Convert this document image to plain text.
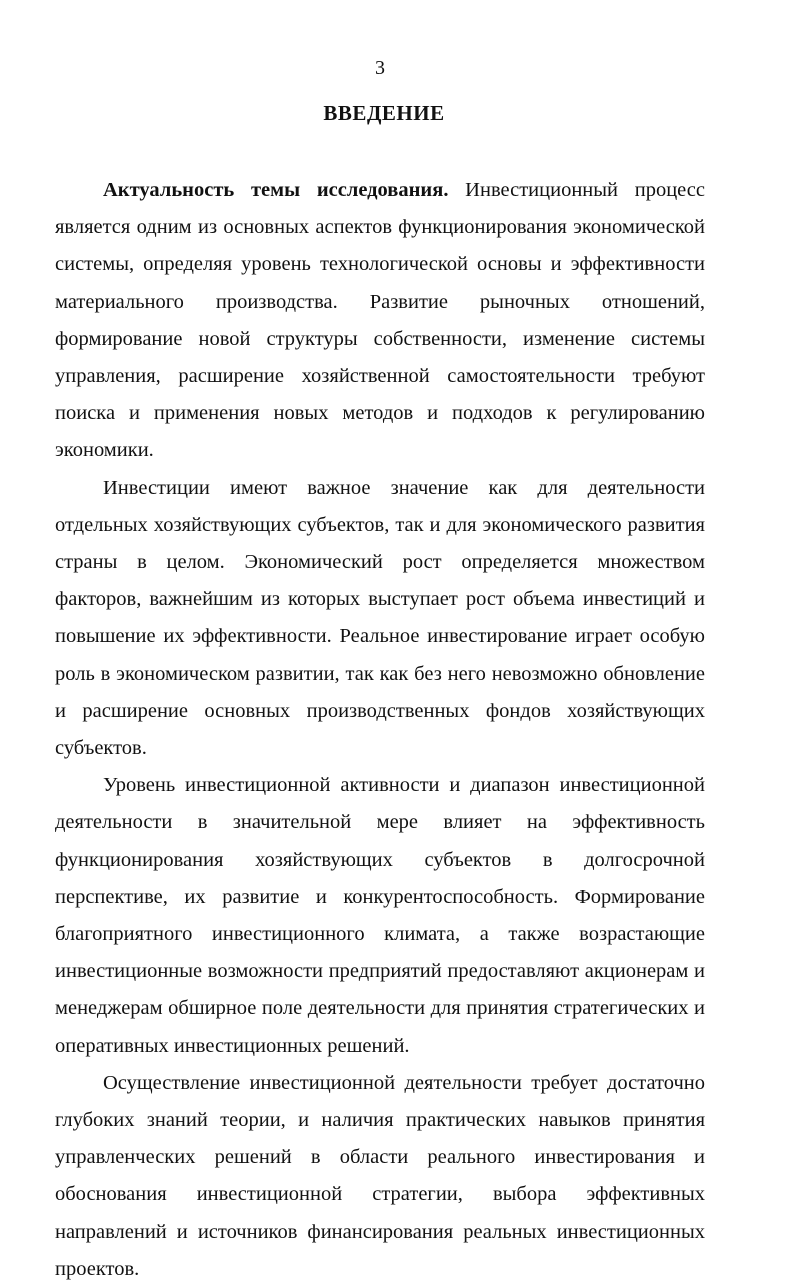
3
ВВЕДЕНИЕ

Актуальность темы исследования. Инвестиционный процесс является одним из основных аспектов функционирования экономической системы, определяя уровень технологической основы и эффективности материального производства. Развитие рыночных отношений, формирование новой структуры собственности, изменение системы управления, расширение хозяйственной самостоятельности требуют поиска и применения новых методов и подходов к регулированию экономики.

Инвестиции имеют важное значение как для деятельности отдельных хозяйствующих субъектов, так и для экономического развития страны в целом. Экономический рост определяется множеством факторов, важнейшим из которых выступает рост объема инвестиций и повышение их эффективности. Реальное инвестирование играет особую роль в экономическом развитии, так как без него невозможно обновление и расширение основных производственных фондов хозяйствующих субъектов.

Уровень инвестиционной активности и диапазон инвестиционной деятельности в значительной мере влияет на эффективность функционирования хозяйствующих субъектов в долгосрочной перспективе, их развитие и конкурентоспособность. Формирование благоприятного инвестиционного климата, а также возрастающие инвестиционные возможности предприятий предоставляют акционерам и менеджерам обширное поле деятельности для принятия стратегических и оперативных инвестиционных решений.

Осуществление инвестиционной деятельности требует достаточно глубоких знаний теории, и наличия практических навыков принятия управленческих решений в области реального инвестирования и обоснования инвестиционной стратегии, выбора эффективных направлений и источников финансирования реальных инвестиционных проектов.
